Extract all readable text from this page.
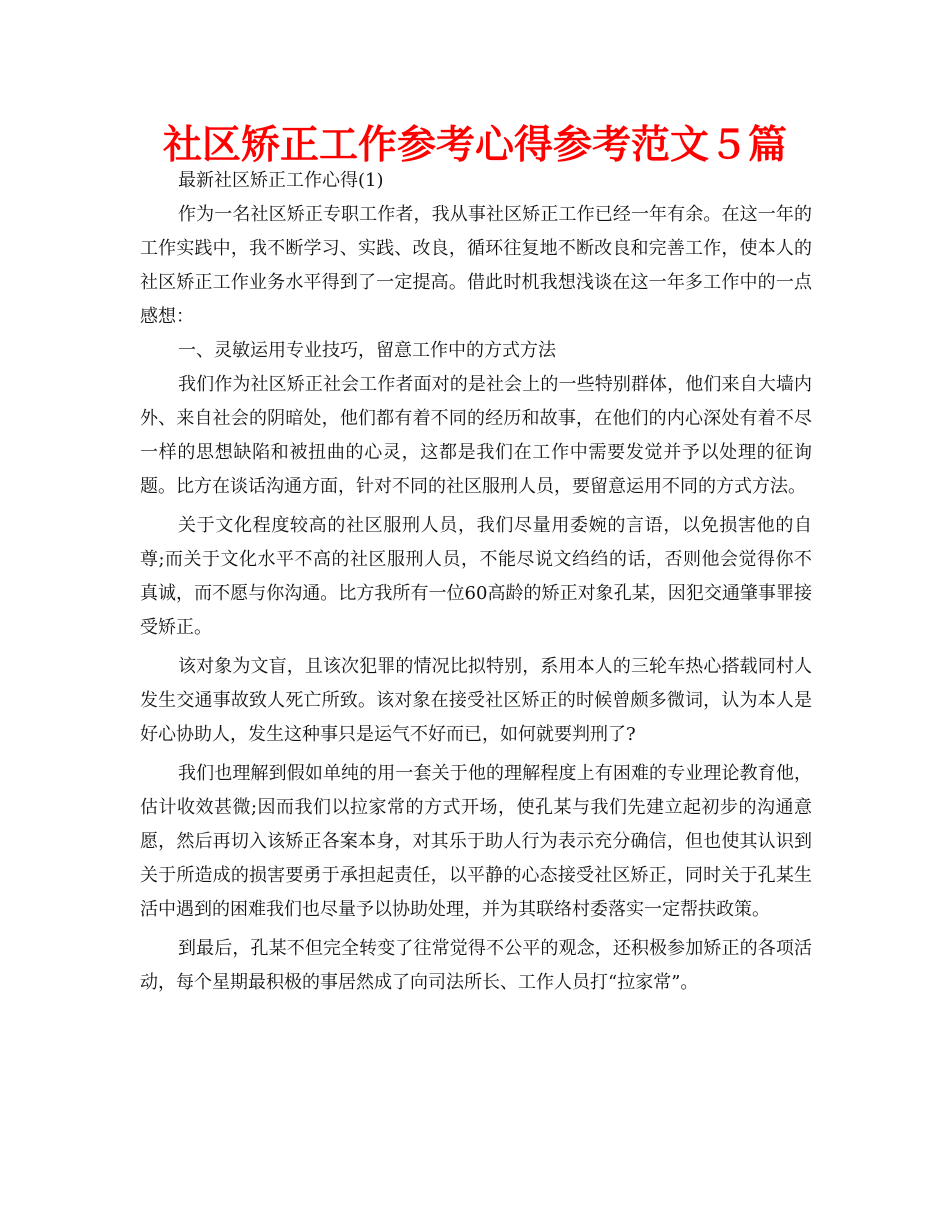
社区矫正工作参考心得参考范文５篇

最新社区矫正工作心得(1)

作为一名社区矫正专职工作者，我从事社区矫正工作已经一年有余。在这一年的工作实践中，我不断学习、实践、改良，循环往复地不断改良和完善工作，使本人的社区矫正工作业务水平得到了一定提高。借此时机我想浅谈在这一年多工作中的一点感想：

一、灵敏运用专业技巧，留意工作中的方式方法

我们作为社区矫正社会工作者面对的是社会上的一些特别群体，他们来自大墙内外、来自社会的阴暗处，他们都有着不同的经历和故事，在他们的内心深处有着不尽一样的思想缺陷和被扭曲的心灵，这都是我们在工作中需要发觉并予以处理的征询题。比方在谈话沟通方面，针对不同的社区服刑人员，要留意运用不同的方式方法。

关于文化程度较高的社区服刑人员，我们尽量用委婉的言语，以免损害他的自尊;而关于文化水平不高的社区服刑人员，不能尽说文绉绉的话，否则他会觉得你不真诚，而不愿与你沟通。比方我所有一位60高龄的矫正对象孔某，因犯交通肇事罪接受矫正。

该对象为文盲，且该次犯罪的情况比拟特别，系用本人的三轮车热心搭载同村人发生交通事故致人死亡所致。该对象在接受社区矫正的时候曾颇多微词，认为本人是好心协助人，发生这种事只是运气不好而已，如何就要判刑了?

我们也理解到假如单纯的用一套关于他的理解程度上有困难的专业理论教育他，估计收效甚微;因而我们以拉家常的方式开场，使孔某与我们先建立起初步的沟通意愿，然后再切入该矫正各案本身，对其乐于助人行为表示充分确信，但也使其认识到关于所造成的损害要勇于承担起责任，以平静的心态接受社区矫正，同时关于孔某生活中遇到的困难我们也尽量予以协助处理，并为其联络村委落实一定帮扶政策。

到最后，孔某不但完全转变了往常觉得不公平的观念，还积极参加矫正的各项活动，每个星期最积极的事居然成了向司法所长、工作人员打“拉家常”。
